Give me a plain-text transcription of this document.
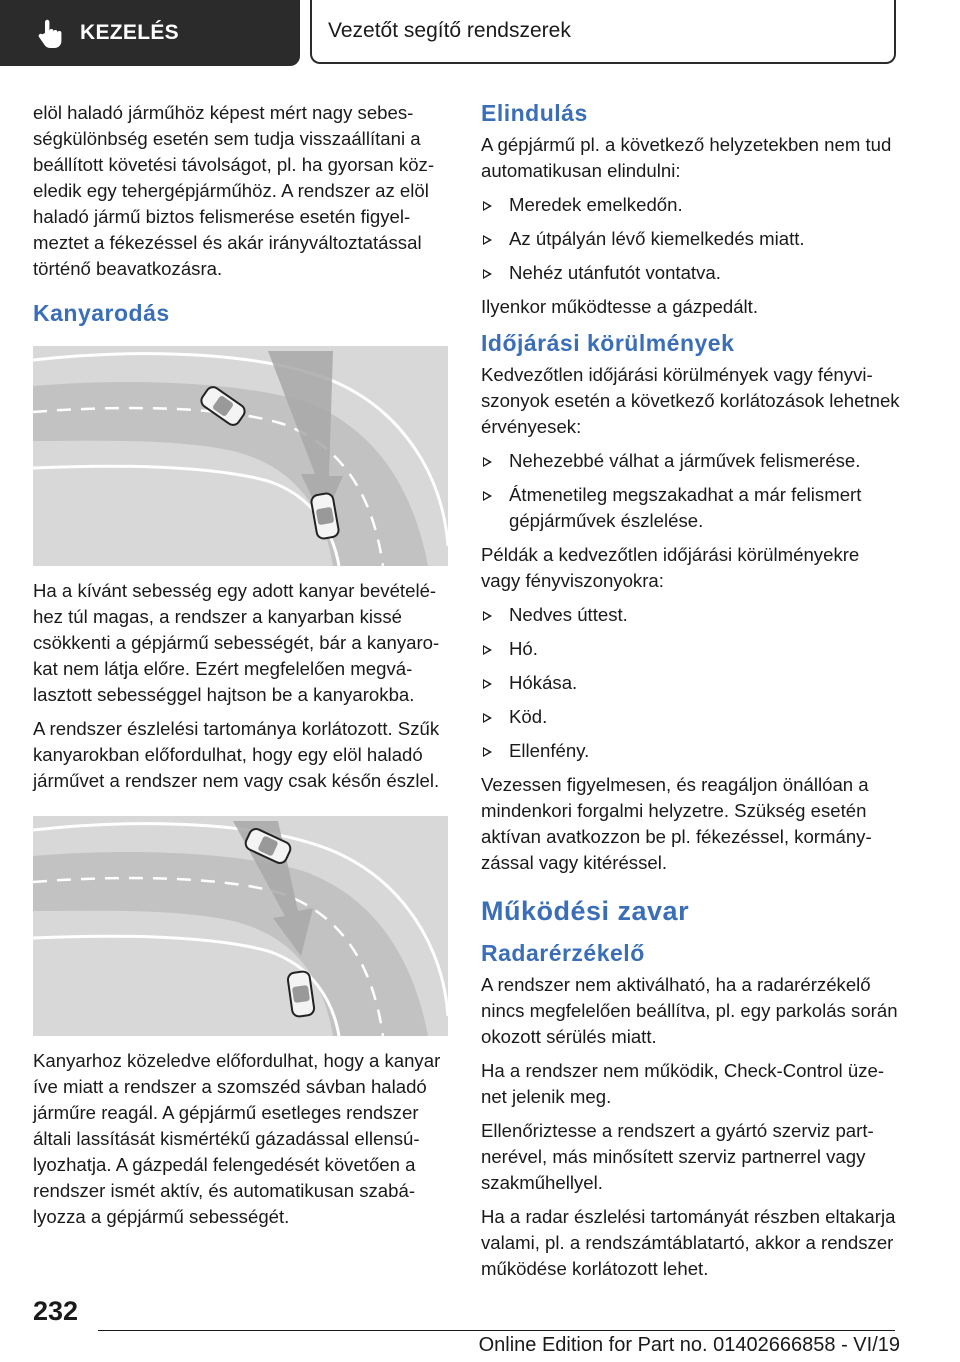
KEZELÉS	Vezetőt segítő rendszerek

elöl haladó járműhöz képest mért nagy sebességkülönbség esetén sem tudja visszaállítani a beállított követési távolságot, pl. ha gyorsan közeledik egy tehergépjárműhöz. A rendszer az elöl haladó jármű biztos felismerése esetén figyelmeztet a fékezéssel és akár irányváltoztatással történő beavatkozásra.

Kanyarodás

Ha a kívánt sebesség egy adott kanyar bevételéhez túl magas, a rendszer a kanyarban kissé csökkenti a gépjármű sebességét, bár a kanyarokat nem látja előre. Ezért megfelelően megválasztott sebességgel hajtson be a kanyarokba.

A rendszer észlelési tartománya korlátozott. Szűk kanyarokban előfordulhat, hogy egy elöl haladó járművet a rendszer nem vagy csak későn észlel.

Kanyarhoz közeledve előfordulhat, hogy a kanyar íve miatt a rendszer a szomszéd sávban haladó járműre reagál. A gépjármű esetleges rendszer általi lassítását kismértékű gázadással ellensúlyozhatja. A gázpedál felengedését követően a rendszer ismét aktív, és automatikusan szabályozza a gépjármű sebességét.

Elindulás

A gépjármű pl. a következő helyzetekben nem tud automatikusan elindulni:

Meredek emelkedőn.
Az útpályán lévő kiemelkedés miatt.
Nehéz utánfutót vontatva.

Ilyenkor működtesse a gázpedált.

Időjárási körülmények

Kedvezőtlen időjárási körülmények vagy fényviszonyok esetén a következő korlátozások lehetnek érvényesek:

Nehezebbé válhat a járművek felismerése.
Átmenetileg megszakadhat a már felismert gépjárművek észlelése.

Példák a kedvezőtlen időjárási körülményekre vagy fényviszonyokra:

Nedves úttest.
Hó.
Hókása.
Köd.
Ellenfény.

Vezessen figyelmesen, és reagáljon önállóan a mindenkori forgalmi helyzetre. Szükség esetén aktívan avatkozzon be pl. fékezéssel, kormányzással vagy kitéréssel.

Működési zavar
Radarérzékelő

A rendszer nem aktiválható, ha a radarérzékelő nincs megfelelően beállítva, pl. egy parkolás során okozott sérülés miatt.

Ha a rendszer nem működik, Check-Control üzenet jelenik meg.

Ellenőriztesse a rendszert a gyártó szerviz partnerével, más minősített szerviz partnerrel vagy szakműhellyel.

Ha a radar észlelési tartományát részben eltakarja valami, pl. a rendszámtáblatartó, akkor a rendszer működése korlátozott lehet.

232
Online Edition for Part no. 01402666858 - VI/19
